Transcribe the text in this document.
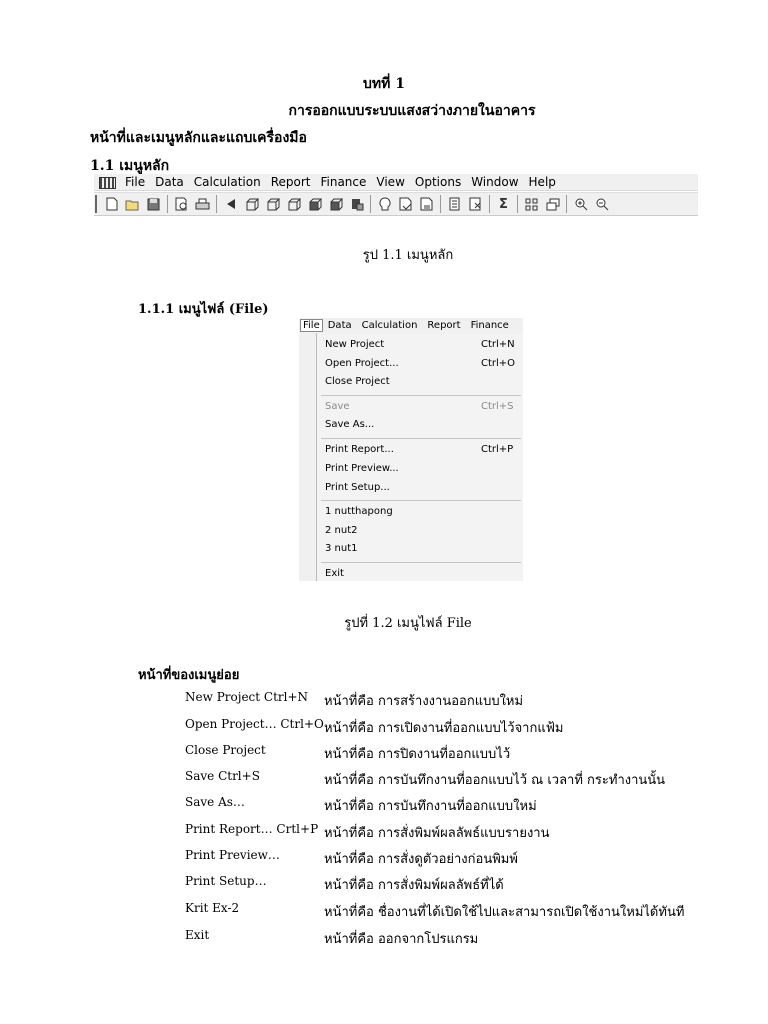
บทที่ 1
การออกแบบระบบแสงสว่างภายในอาคาร
หน้าที่และเมนูหลักและแถบเครื่องมือ
1.1 เมนูหลัก
File Data Calculation Report Finance View Options Window Help
Σ
รูป 1.1 เมนูหลัก
1.1.1 เมนูไฟล์ (File)
File Data	Calculation	Report	Finance
New Project	Ctrl+N
Open Project...	Ctrl+O
Close Project
Save	Ctrl+S
Save As...
Print Report...	Ctrl+P
Print Preview...
Print Setup...
1 nutthapong
2 nut2
3 nut1
Exit
รูปที่ 1.2 เมนูไฟล์ File
หน้าที่ของเมนูย่อย
New Project Ctrl+N หน้าที่คือ การสร้างงานออกแบบใหม่
Open Project… Ctrl+O หน้าที่คือ การเปิดงานที่ออกแบบไว้จากแฟ้ม
Close Project	หน้าที่คือ การปิดงานที่ออกแบบไว้
Save Ctrl+S	หน้าที่คือ การบันทึกงานที่ออกแบบไว้ ณ เวลาที่ กระทำงานนั้น
Save As…	หน้าที่คือ การบันทึกงานที่ออกแบบใหม่
Print Report… Crtl+P หน้าที่คือ การสั่งพิมพ์ผลลัพธ์แบบรายงาน
Print Preview…	หน้าที่คือ การสั่งดูตัวอย่างก่อนพิมพ์
Print Setup…	หน้าที่คือ การสั่งพิมพ์ผลลัพธ์ที่ได้
Krit Ex-2	หน้าที่คือ ชื่องานที่ได้เปิดใช้ไปและสามารถเปิดใช้งานใหม่ได้ทันที
Exit	หน้าที่คือ ออกจากโปรแกรม
